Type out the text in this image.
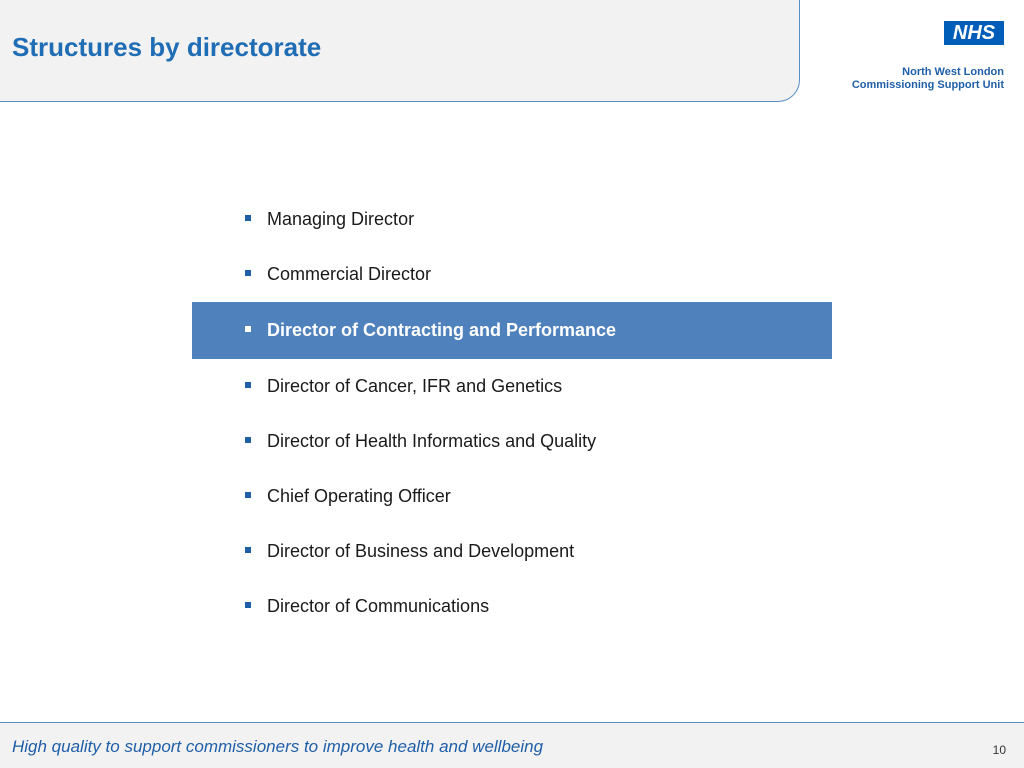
Structures by directorate	NHS
North West London
Commissioning Support Unit
Managing Director
Commercial Director
Director of Contracting and Performance
Director of Cancer, IFR and Genetics
Director of Health Informatics and Quality
Chief Operating Officer
Director of Business and Development
Director of Communications
High quality to support commissioners to improve health and wellbeing	10
